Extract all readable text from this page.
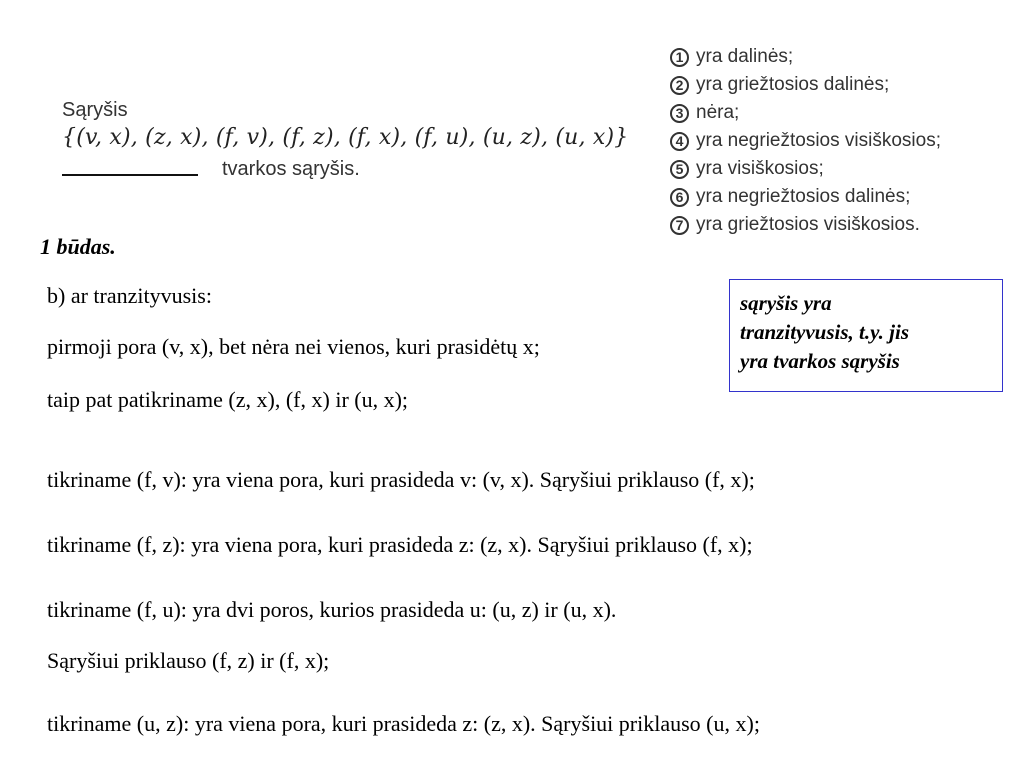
Sąryšis
{(v, x), (z, x), (f, v), (f, z), (f, x), (f, u), (u, z), (u, x)}
tvarkos sąryšis.
1 yra dalinės;
2 yra griežtosios dalinės;
3 nėra;
4 yra negriežtosios visiškosios;
5 yra visiškosios;
6 yra negriežtosios dalinės;
7 yra griežtosios visiškosios.
1 būdas.
b) ar tranzityvusis:
pirmoji pora (v, x), bet nėra nei vienos, kuri prasidėtų x;
taip pat patikriname (z, x), (f, x) ir (u, x);
tikriname (f, v): yra viena pora, kuri prasideda v: (v, x). Sąryšiui priklauso (f, x);
tikriname (f, z): yra viena pora, kuri prasideda z: (z, x). Sąryšiui priklauso (f, x);
tikriname (f, u): yra dvi poros, kurios prasideda u: (u, z) ir (u, x).
Sąryšiui priklauso (f, z) ir (f, x);
tikriname (u, z): yra viena pora, kuri prasideda z: (z, x). Sąryšiui priklauso (u, x);
sąryšis yra
tranzityvusis, t.y. jis
yra tvarkos sąryšis
